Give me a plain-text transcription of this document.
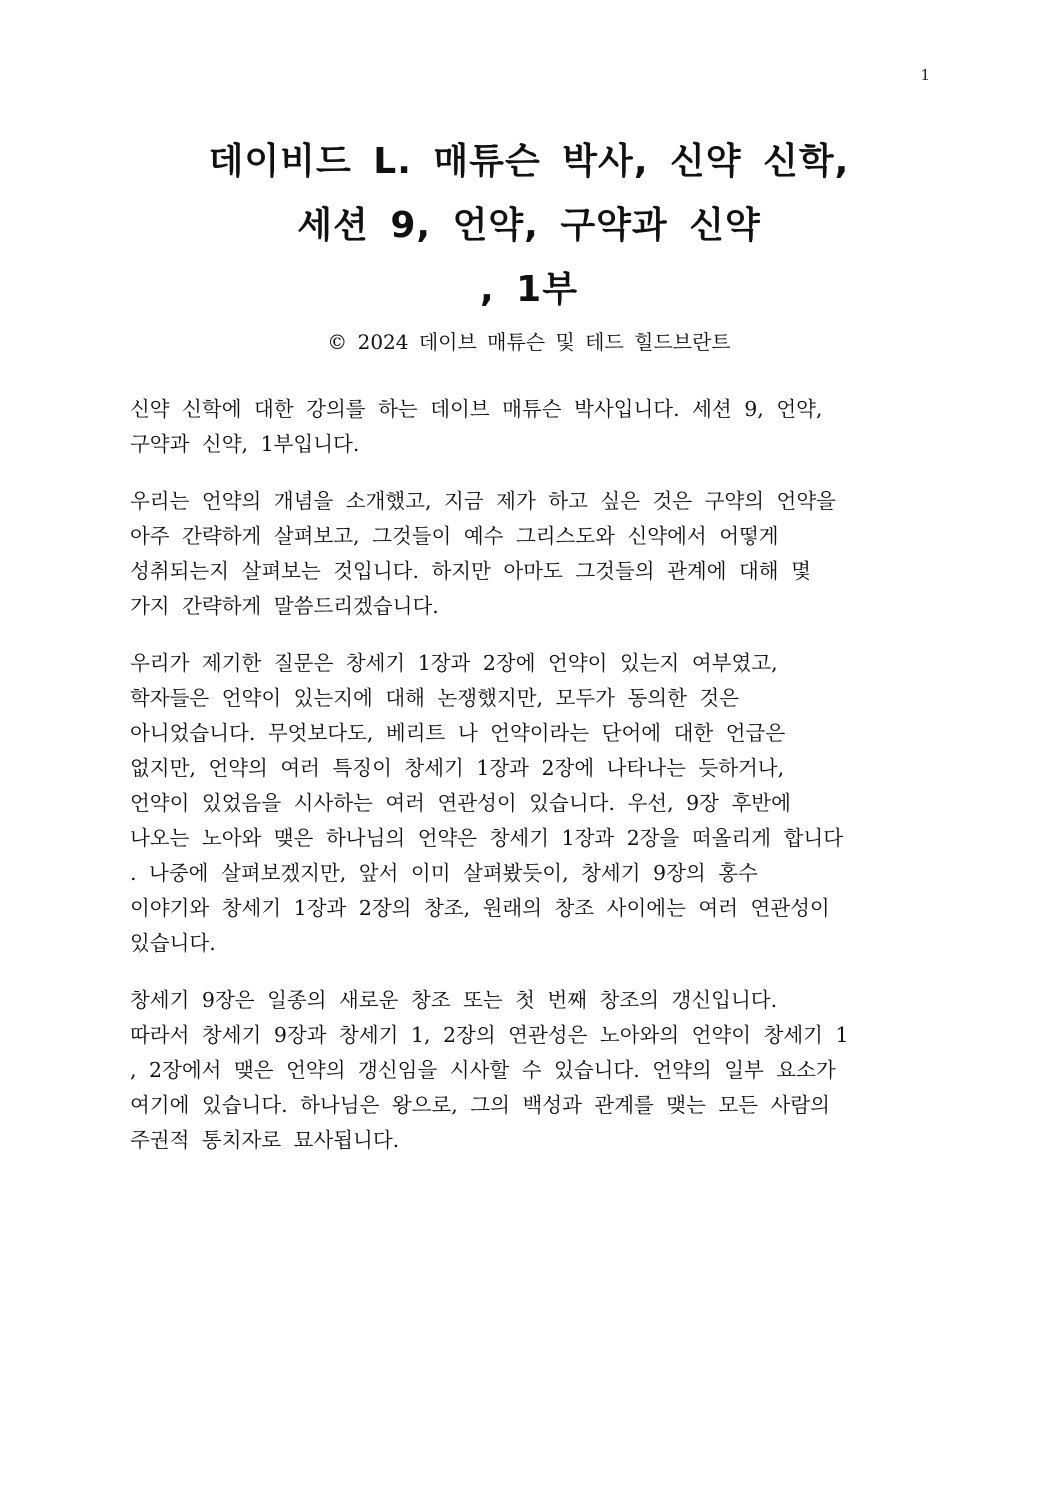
1
데이비드 L. 매튜슨 박사, 신약 신학,
세션 9, 언약, 구약과 신약
, 1부
© 2024 데이브 매튜슨 및 테드 힐드브란트
신약 신학에 대한 강의를 하는 데이브 매튜슨 박사입니다. 세션 9, 언약,
구약과 신약, 1부입니다.
우리는 언약의 개념을 소개했고, 지금 제가 하고 싶은 것은 구약의 언약을
아주 간략하게 살펴보고, 그것들이 예수 그리스도와 신약에서 어떻게
성취되는지 살펴보는 것입니다. 하지만 아마도 그것들의 관계에 대해 몇
가지 간략하게 말씀드리겠습니다.
우리가 제기한 질문은 창세기 1장과 2장에 언약이 있는지 여부였고,
학자들은 언약이 있는지에 대해 논쟁했지만, 모두가 동의한 것은
아니었습니다. 무엇보다도, 베리트 나 언약이라는 단어에 대한 언급은
없지만, 언약의 여러 특징이 창세기 1장과 2장에 나타나는 듯하거나,
언약이 있었음을 시사하는 여러 연관성이 있습니다. 우선, 9장 후반에
나오는 노아와 맺은 하나님의 언약은 창세기 1장과 2장을 떠올리게 합니다
. 나중에 살펴보겠지만, 앞서 이미 살펴봤듯이, 창세기 9장의 홍수
이야기와 창세기 1장과 2장의 창조, 원래의 창조 사이에는 여러 연관성이
있습니다.
창세기 9장은 일종의 새로운 창조 또는 첫 번째 창조의 갱신입니다.
따라서 창세기 9장과 창세기 1, 2장의 연관성은 노아와의 언약이 창세기 1
, 2장에서 맺은 언약의 갱신임을 시사할 수 있습니다. 언약의 일부 요소가
여기에 있습니다. 하나님은 왕으로, 그의 백성과 관계를 맺는 모든 사람의
주권적 통치자로 묘사됩니다.
